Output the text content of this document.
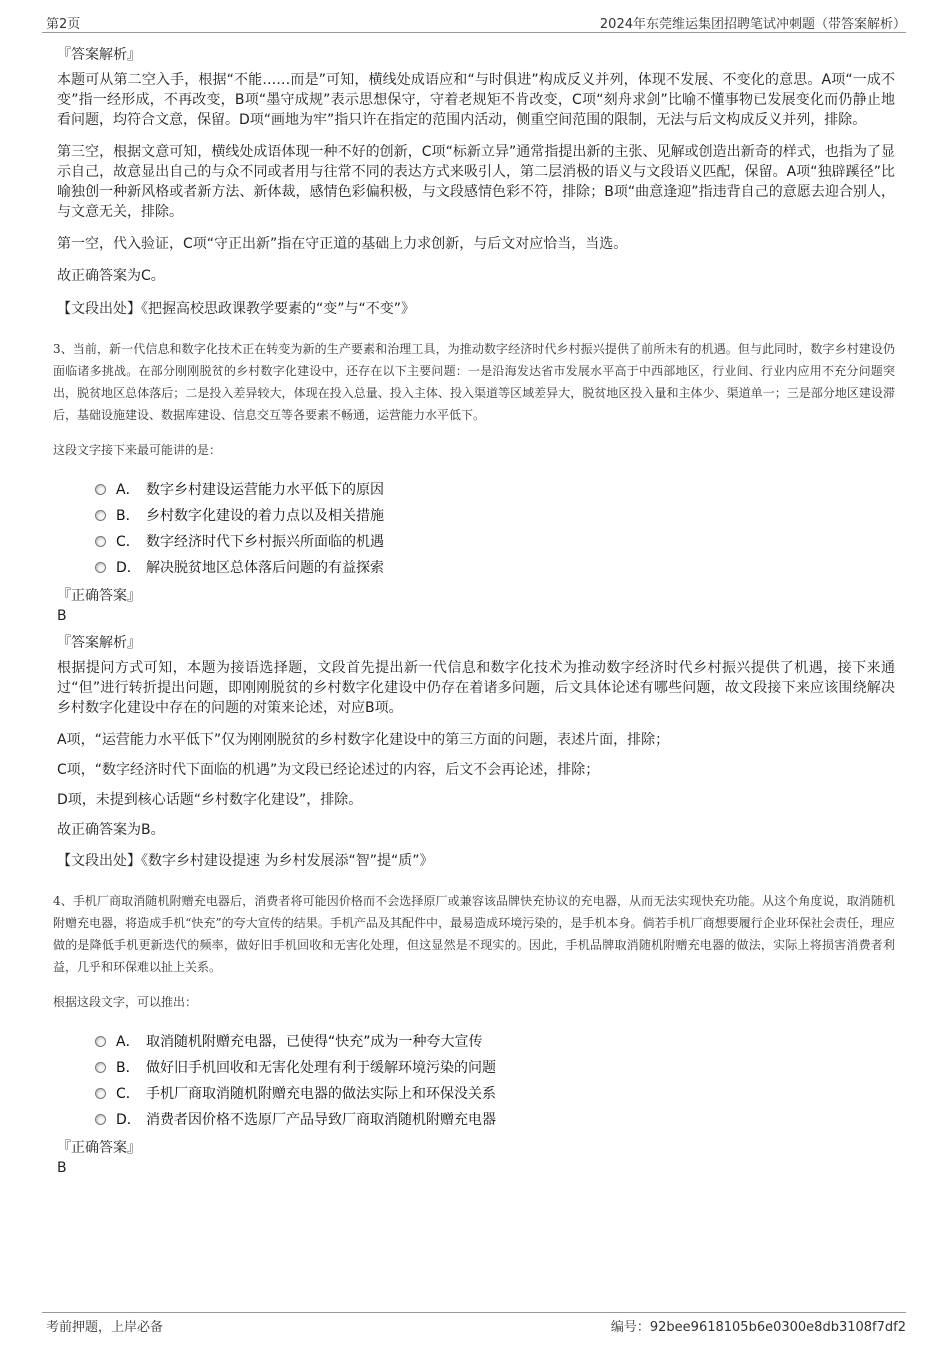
第2页	2024年东莞维运集团招聘笔试冲刺题（带答案解析）
『答案解析』

本题可从第二空入手，根据“不能……而是”可知，横线处成语应和“与时俱进”构成反义并列，体现不发展、不变化的意思。A项“一成不变”指一经形成，不再改变，B项“墨守成规”表示思想保守，守着老规矩不肯改变，C项“刻舟求剑”比喻不懂事物已发展变化而仍静止地看问题，均符合文意，保留。D项“画地为牢”指只许在指定的范围内活动，侧重空间范围的限制，无法与后文构成反义并列，排除。

第三空，根据文意可知，横线处成语体现一种不好的创新，C项“标新立异”通常指提出新的主张、见解或创造出新奇的样式，也指为了显示自己，故意显出自己的与众不同或者用与往常不同的表达方式来吸引人，第二层消极的语义与文段语义匹配，保留。A项“独辟蹊径”比喻独创一种新风格或者新方法、新体裁，感情色彩偏积极，与文段感情色彩不符，排除；B项“曲意逢迎”指违背自己的意愿去迎合别人，与文意无关，排除。

第一空，代入验证，C项“守正出新”指在守正道的基础上力求创新，与后文对应恰当，当选。

故正确答案为C。

【文段出处】《把握高校思政课教学要素的“变”与“不变”》
3、当前，新一代信息和数字化技术正在转变为新的生产要素和治理工具，为推动数字经济时代乡村振兴提供了前所未有的机遇。但与此同时，数字乡村建设仍面临诸多挑战。在部分刚刚脱贫的乡村数字化建设中，还存在以下主要问题：一是沿海发达省市发展水平高于中西部地区，行业间、行业内应用不充分问题突出，脱贫地区总体落后；二是投入差异较大，体现在投入总量、投入主体、投入渠道等区域差异大，脱贫地区投入量和主体少、渠道单一；三是部分地区建设滞后，基础设施建设、数据库建设、信息交互等各要素不畅通，运营能力水平低下。
这段文字接下来最可能讲的是：
A． 数字乡村建设运营能力水平低下的原因
B． 乡村数字化建设的着力点以及相关措施
C． 数字经济时代下乡村振兴所面临的机遇
D． 解决脱贫地区总体落后问题的有益探索
『正确答案』
B
『答案解析』

根据提问方式可知，本题为接语选择题，文段首先提出新一代信息和数字化技术为推动数字经济时代乡村振兴提供了机遇，接下来通过“但”进行转折提出问题，即刚刚脱贫的乡村数字化建设中仍存在着诸多问题，后文具体论述有哪些问题，故文段接下来应该围绕解决乡村数字化建设中存在的问题的对策来论述，对应B项。

A项，“运营能力水平低下”仅为刚刚脱贫的乡村数字化建设中的第三方面的问题，表述片面，排除；

C项，“数字经济时代下面临的机遇”为文段已经论述过的内容，后文不会再论述，排除；

D项，未提到核心话题“乡村数字化建设”，排除。

故正确答案为B。

【文段出处】《数字乡村建设提速 为乡村发展添“智”提“质”》
4、手机厂商取消随机附赠充电器后，消费者将可能因价格而不会选择原厂或兼容该品牌快充协议的充电器，从而无法实现快充功能。从这个角度说，取消随机附赠充电器，将造成手机“快充”的夸大宣传的结果。手机产品及其配件中，最易造成环境污染的，是手机本身。倘若手机厂商想要履行企业环保社会责任，理应做的是降低手机更新迭代的频率，做好旧手机回收和无害化处理，但这显然是不现实的。因此，手机品牌取消随机附赠充电器的做法，实际上将损害消费者利益，几乎和环保难以扯上关系。
根据这段文字，可以推出：
A． 取消随机附赠充电器，已使得“快充”成为一种夸大宣传
B． 做好旧手机回收和无害化处理有利于缓解环境污染的问题
C． 手机厂商取消随机附赠充电器的做法实际上和环保没关系
D． 消费者因价格不选原厂产品导致厂商取消随机附赠充电器
『正确答案』
B
考前押题，上岸必备	编号：92bee9618105b6e0300e8db3108f7df2
